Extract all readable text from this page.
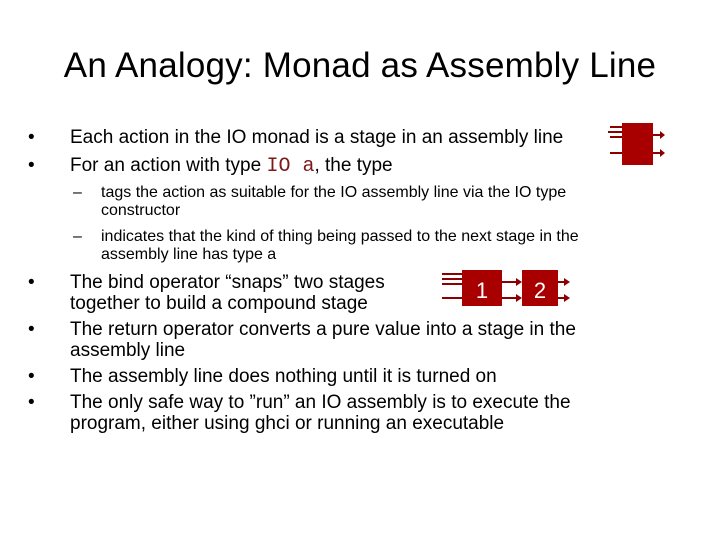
An Analogy: Monad as Assembly Line
• Each action in the IO monad is a stage in an assembly line
• For an action with type IO a, the type
– tags the action as suitable for the IO assembly line via the IO type constructor
– indicates that the kind of thing being passed to the next stage in the assembly line has type a
• The bind operator “snaps” two stages together to build a compound stage
• The return operator converts a pure value into a stage in the assembly line
• The assembly line does nothing until it is turned on
• The only safe way to ”run” an IO assembly is to execute the program, either using ghci or running an executable
1 2
